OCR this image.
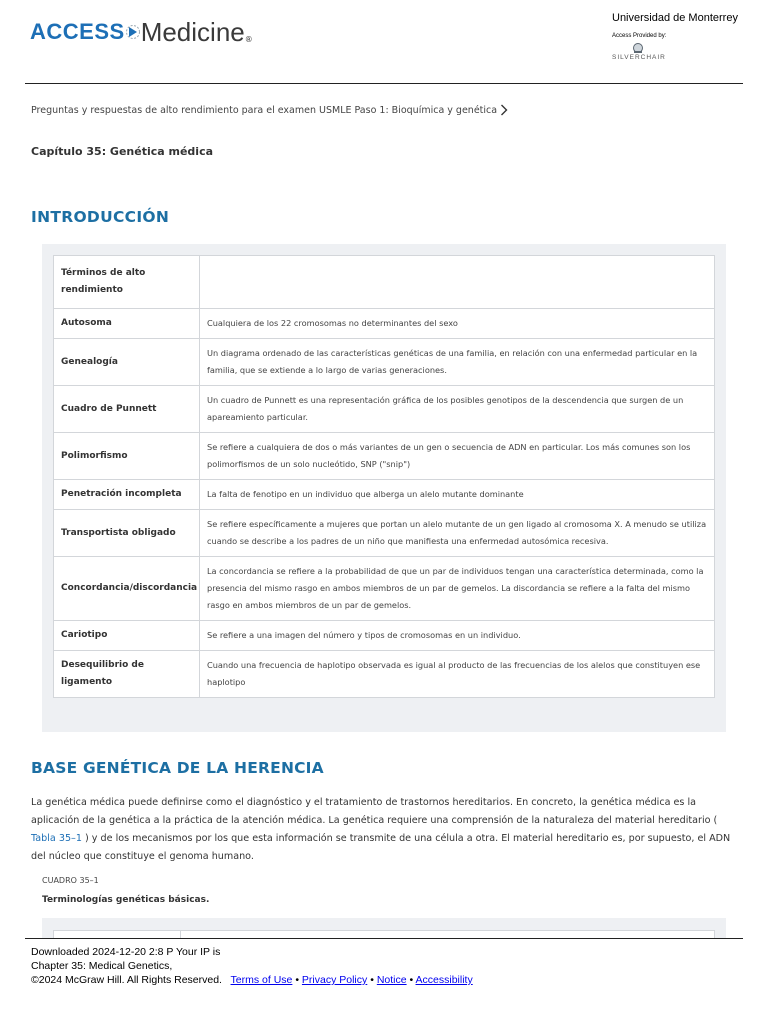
ACCESS Medicine ®
Universidad de Monterrey
Access Provided by:
SILVERCHAIR
Preguntas y respuestas de alto rendimiento para el examen USMLE Paso 1: Bioquímica y genética
Capítulo 35: Genética médica
INTRODUCCIÓN
Términos de alto rendimiento	
Autosoma	Cualquiera de los 22 cromosomas no determinantes del sexo
Genealogía	Un diagrama ordenado de las características genéticas de una familia, en relación con una enfermedad particular en la familia, que se extiende a lo largo de varias generaciones.
Cuadro de Punnett	Un cuadro de Punnett es una representación gráfica de los posibles genotipos de la descendencia que surgen de un apareamiento particular.
Polimorfismo	Se refiere a cualquiera de dos o más variantes de un gen o secuencia de ADN en particular. Los más comunes son los polimorfismos de un solo nucleótido, SNP ("snip")
Penetración incompleta	La falta de fenotipo en un individuo que alberga un alelo mutante dominante
Transportista obligado	Se refiere específicamente a mujeres que portan un alelo mutante de un gen ligado al cromosoma X. A menudo se utiliza cuando se describe a los padres de un niño que manifiesta una enfermedad autosómica recesiva.
Concordancia/discordancia	La concordancia se refiere a la probabilidad de que un par de individuos tengan una característica determinada, como la presencia del mismo rasgo en ambos miembros de un par de gemelos. La discordancia se refiere a la falta del mismo rasgo en ambos miembros de un par de gemelos.
Cariotipo	Se refiere a una imagen del número y tipos de cromosomas en un individuo.
Desequilibrio de ligamento	Cuando una frecuencia de haplotipo observada es igual al producto de las frecuencias de los alelos que constituyen ese haplotipo
BASE GENÉTICA DE LA HERENCIA

La genética médica puede definirse como el diagnóstico y el tratamiento de trastornos hereditarios. En concreto, la genética médica es la aplicación de la genética a la práctica de la atención médica. La genética requiere una comprensión de la naturaleza del material hereditario ( Tabla 35–1 ) y de los mecanismos por los que esta información se transmite de una célula a otra. El material hereditario es, por supuesto, el ADN del núcleo que constituye el genoma humano.

CUADRO 35–1
Terminologías genéticas básicas.
Downloaded 2024-12-20 2:8 P Your IP is
Chapter 35: Medical Genetics,
©2024 McGraw Hill. All Rights Reserved. Terms of Use • Privacy Policy • Notice • Accessibility
